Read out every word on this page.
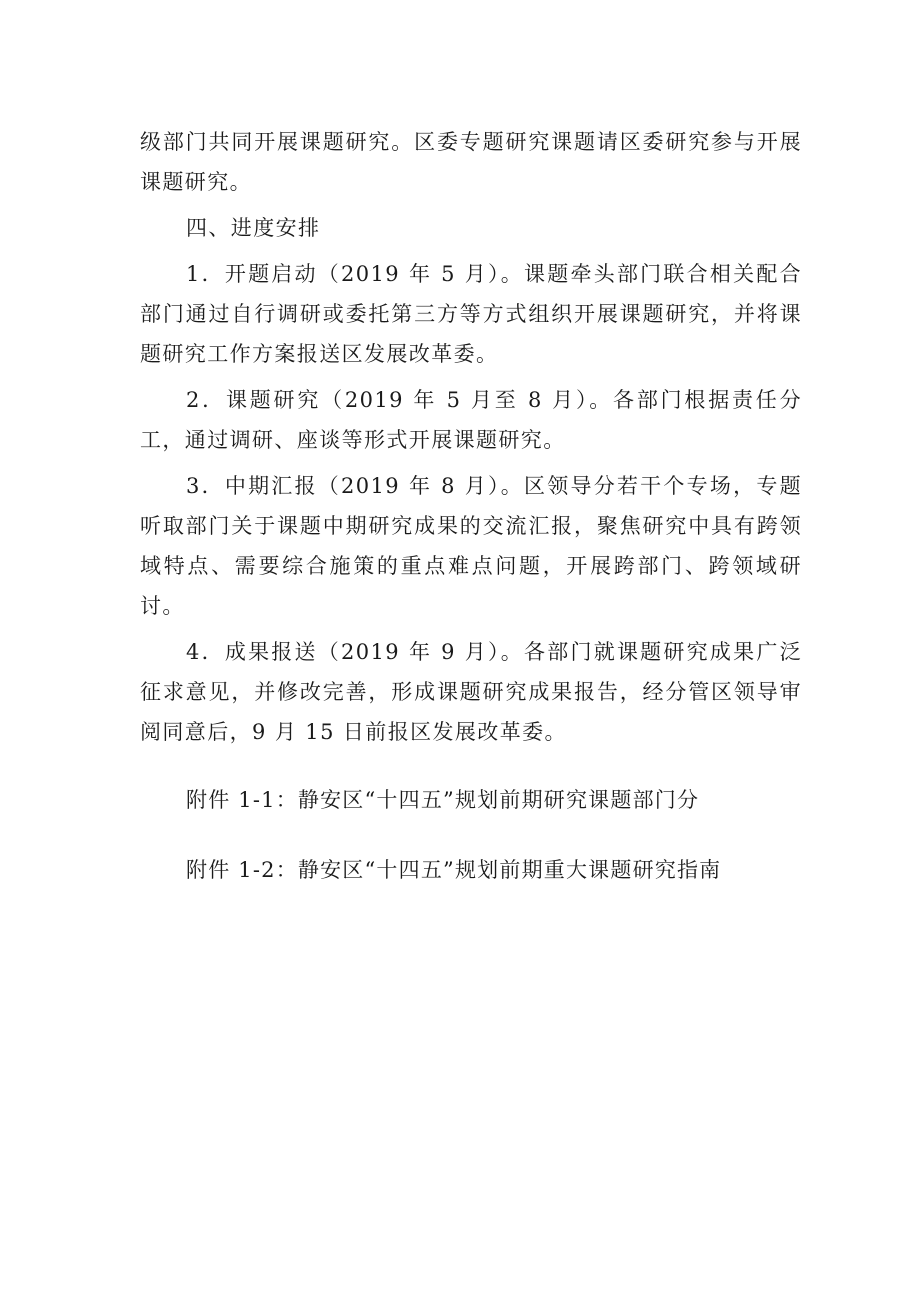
级部门共同开展课题研究。区委专题研究课题请区委研究参与开展课题研究。

四、进度安排

1．开题启动（2019 年 5 月）。课题牵头部门联合相关配合部门通过自行调研或委托第三方等方式组织开展课题研究，并将课题研究工作方案报送区发展改革委。

2．课题研究（2019 年 5 月至 8 月）。各部门根据责任分工，通过调研、座谈等形式开展课题研究。

3．中期汇报（2019 年 8 月）。区领导分若干个专场，专题听取部门关于课题中期研究成果的交流汇报，聚焦研究中具有跨领域特点、需要综合施策的重点难点问题，开展跨部门、跨领域研讨。

4．成果报送（2019 年 9 月）。各部门就课题研究成果广泛征求意见，并修改完善，形成课题研究成果报告，经分管区领导审阅同意后，9 月 15 日前报区发展改革委。

附件 1-1：静安区“十四五”规划前期研究课题部门分
附件 1-2：静安区“十四五”规划前期重大课题研究指南
